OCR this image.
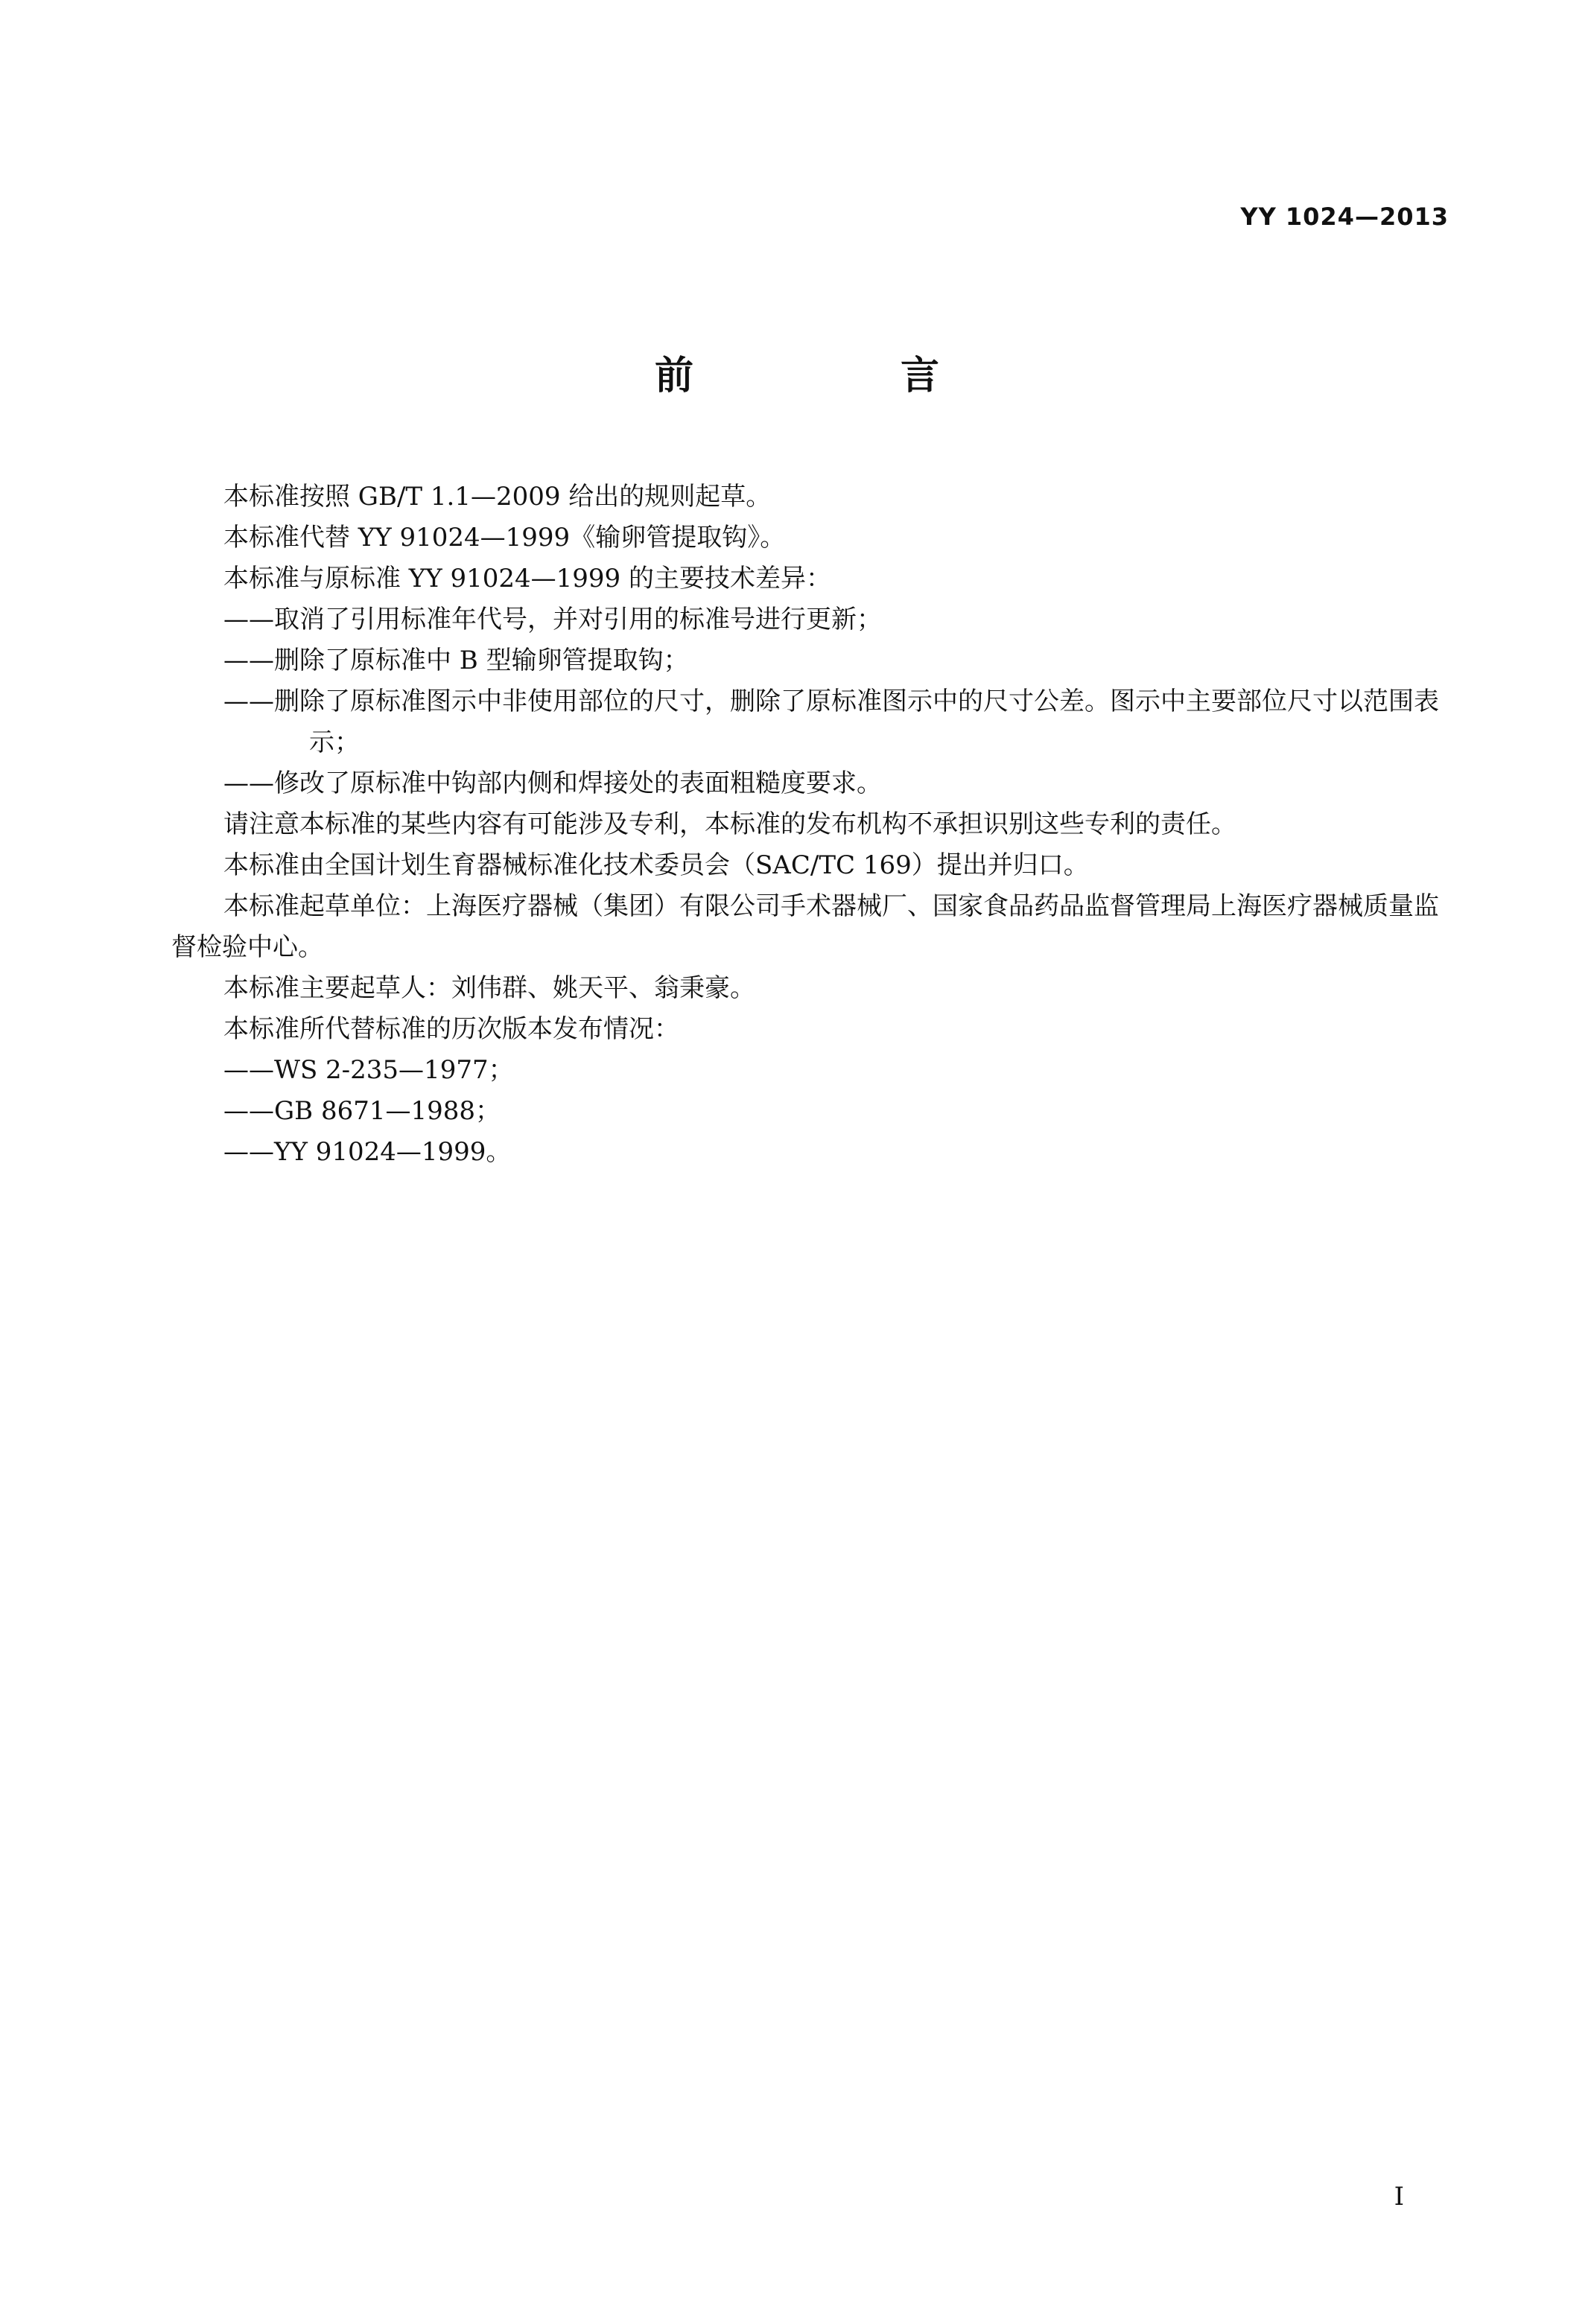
YY 1024—2013
前 言

本标准按照 GB/T 1.1—2009 给出的规则起草。

本标准代替 YY 91024—1999《输卵管提取钩》。

本标准与原标准 YY 91024—1999 的主要技术差异：

——取消了引用标准年代号，并对引用的标准号进行更新；

——删除了原标准中 B 型输卵管提取钩；

——删除了原标准图示中非使用部位的尺寸，删除了原标准图示中的尺寸公差。图示中主要部位尺寸以范围表示；

——修改了原标准中钩部内侧和焊接处的表面粗糙度要求。

请注意本标准的某些内容有可能涉及专利，本标准的发布机构不承担识别这些专利的责任。

本标准由全国计划生育器械标准化技术委员会（SAC/TC 169）提出并归口。

本标准起草单位：上海医疗器械（集团）有限公司手术器械厂、国家食品药品监督管理局上海医疗器械质量监督检验中心。

本标准主要起草人：刘伟群、姚天平、翁秉豪。

本标准所代替标准的历次版本发布情况：

——WS 2-235—1977；

——GB 8671—1988；

——YY 91024—1999。

I
